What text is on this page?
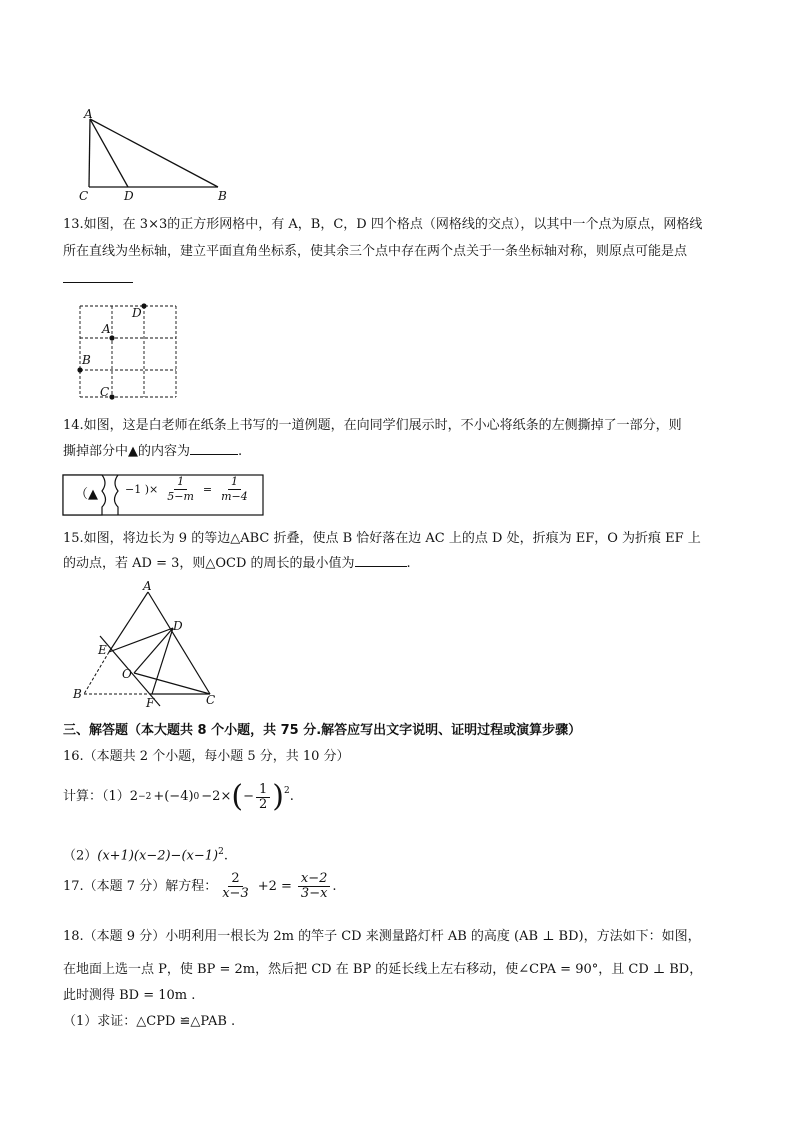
A
C	D	B
13.如图，在 3×3的正方形网格中，有 A，B，C，D 四个格点（网格线的交点），以其中一个点为原点，网格线
所在直线为坐标轴，建立平面直角坐标系，使其余三个点中存在两个点关于一条坐标轴对称，则原点可能是点
D
A
B
C
14.如图，这是白老师在纸条上书写的一道例题，在向同学们展示时，不小心将纸条的左侧撕掉了一部分，则
撕掉部分中▲的内容为	.
（▲ −1 )× $\frac{1}{5-m} = \frac{1}{m-4}$
15.如图，将边长为 9 的等边△ABC 折叠，使点 B 恰好落在边 AC 上的点 D 处，折痕为 EF，O 为折痕 EF 上
的动点，若 AD = 3，则△OCD 的周长的最小值为	.
A
D
E
O
B
F	C
三、解答题（本大题共 8 个小题，共 75 分.解答应写出文字说明、证明过程或演算步骤）
16.（本题共 2 个小题，每小题 5 分，共 10 分）
计算：（1） 2 −2 +(−4) 0 −2× ( − $\frac{1}{2} )^2$ .
$(2)(x+1)(x-2)-(x-1)^2$.
17.（本题 7 分）解方程： $\frac{2}{x-3} +2 = \frac{x-2}{3-x}$ .
18.（本题 9 分）小明利用一根长为 2m 的竿子 CD 来测量路灯杆 AB 的高度 (AB ⊥ BD)，方法如下：如图，
在地面上选一点 P，使 BP = 2m，然后把 CD 在 BP 的延长线上左右移动，使∠CPA = 90°，且 CD ⊥ BD，
此时测得 BD = 10m .
（1）求证：△CPD ≌△PAB .
